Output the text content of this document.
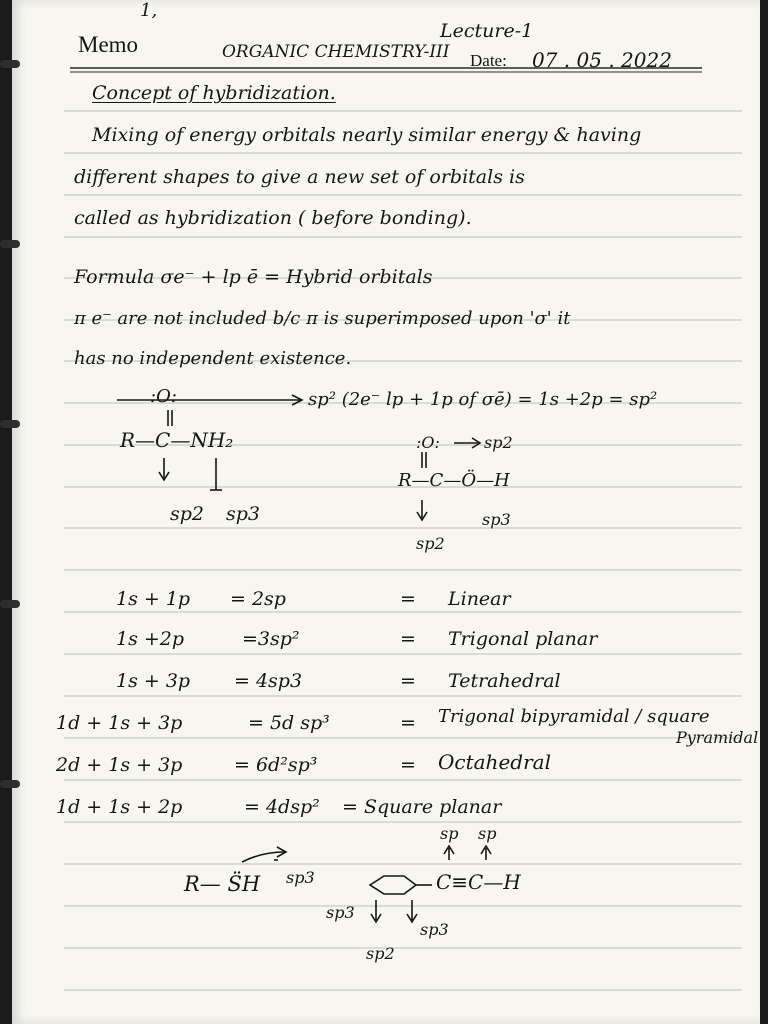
1,
Lecture-1
Memo	ORGANIC CHEMISTRY-III Date: 07 . 05 . 2022
Concept of hybridization.
Mixing of energy orbitals nearly similar energy & having
different shapes to give a new set of orbitals is
called as hybridization ( before bonding).
Formula σe⁻ + lp ē = Hybrid orbitals
π e⁻ are not included b/c π is superimposed upon 'σ' it
has no independent existence.
:O:	sp² (2e⁻ lp + 1p of σē) = 1s +2p = sp²
R—C—NH₂
sp2 sp3
:O:	sp2
R—C—Ö—H
sp3
sp2
1s + 1p = 2sp	= Linear
1s +2p	=3sp²	= Trigonal planar
1s + 3p = 4sp3	= Tetrahedral
1d + 1s + 3p	= 5d sp³	= Trigonal bipyramidal / square
Pyramidal
2d + 1s + 3p	= 6d²sp³	= Octahedral
1d + 1s + 2p	= 4dsp² = Square planar
R— S̈H sp3
sp sp
C≡C—H
sp3
sp2
sp3
